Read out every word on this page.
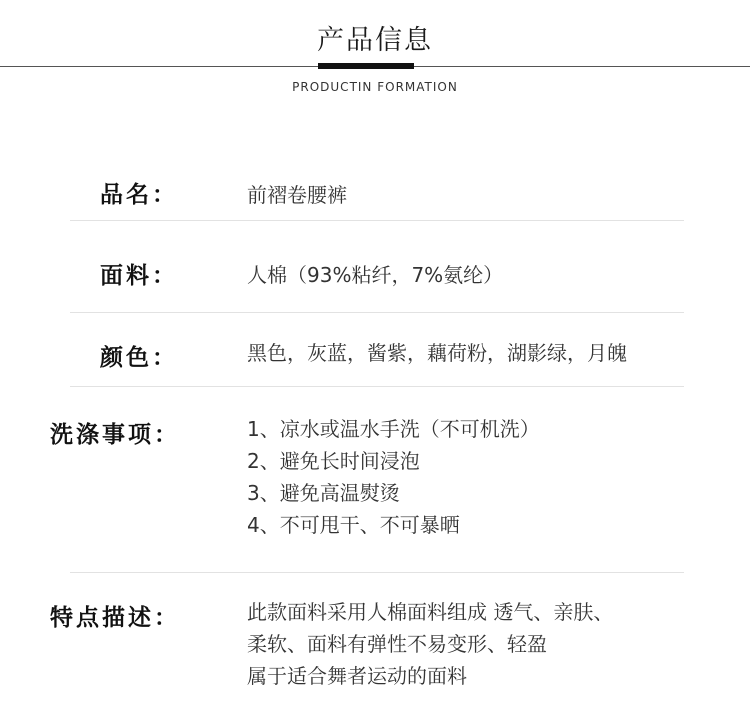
产品信息
PRODUCTIN FORMATION
品名：	前褶卷腰裤
面料：	人棉（93%粘纤，7%氨纶）
颜色：	黑色，灰蓝，酱紫，藕荷粉，湖影绿，月魄
洗涤事项：	1、凉水或温水手洗（不可机洗）
2、避免长时间浸泡
3、避免高温熨烫
4、不可甩干、不可暴晒
特点描述：	此款面料采用人棉面料组成 透气、亲肤、
柔软、面料有弹性不易变形、轻盈
属于适合舞者运动的面料
